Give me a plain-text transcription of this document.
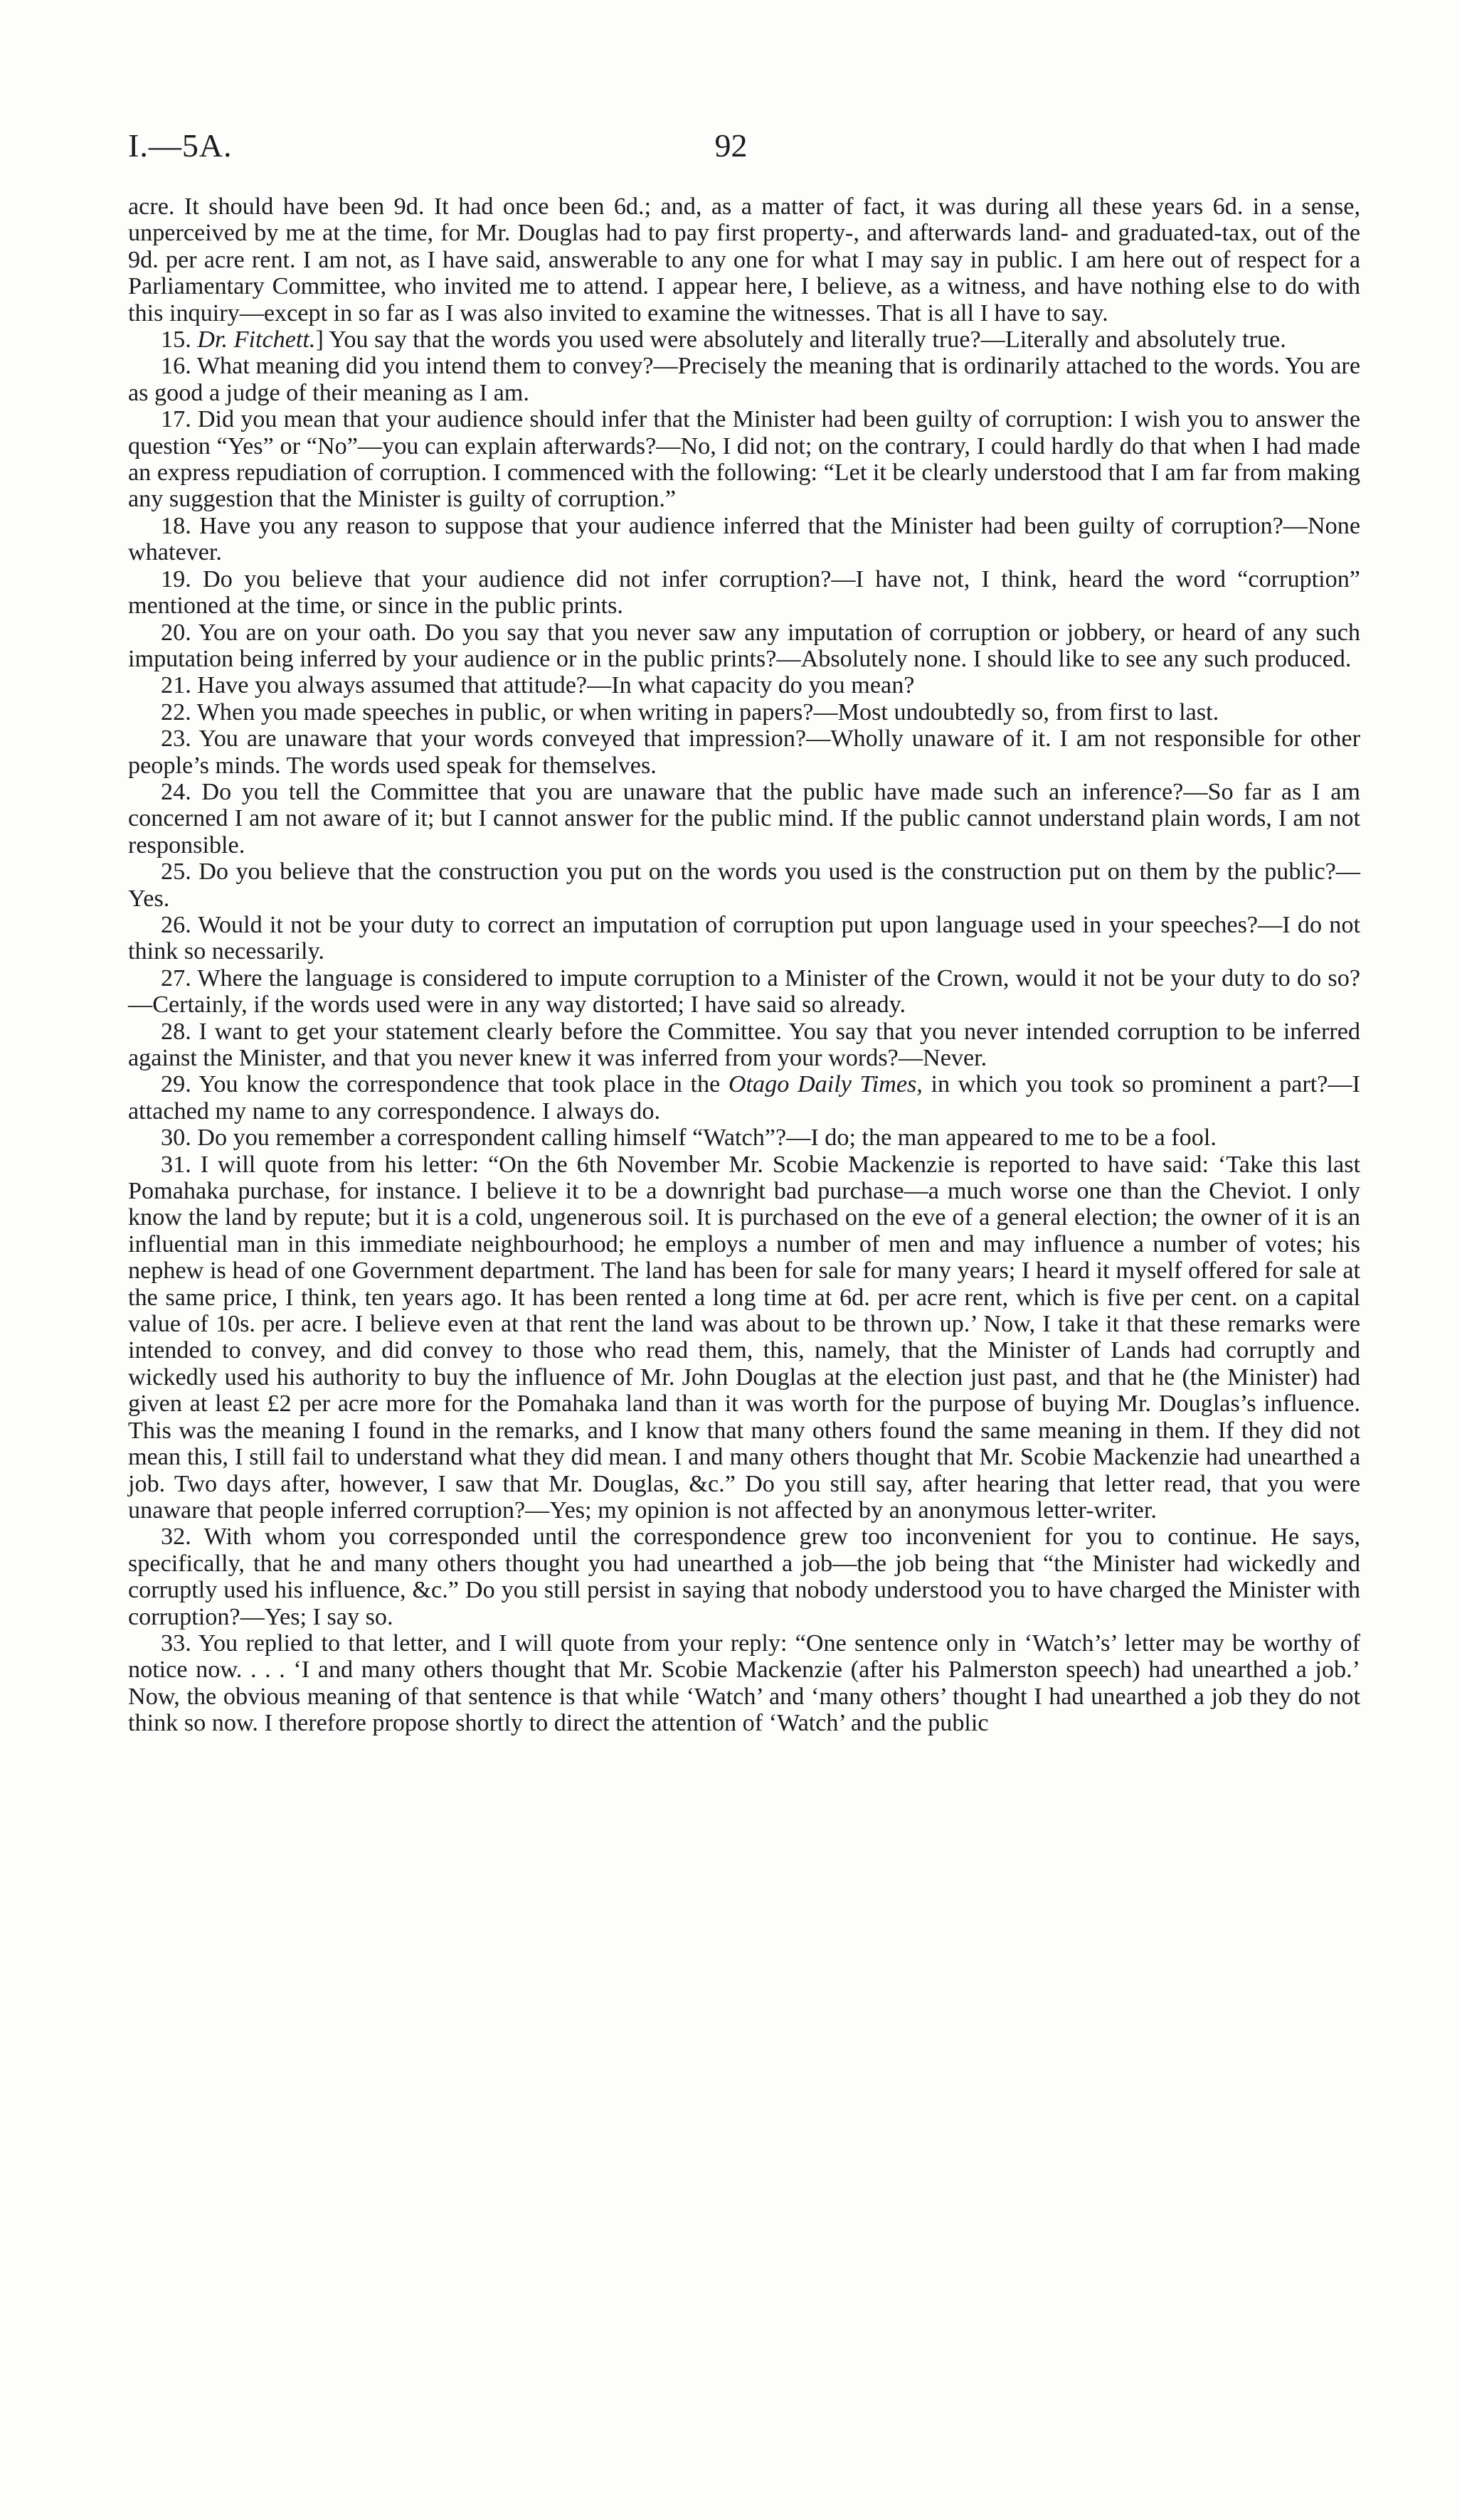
I.—5A.	92

acre. It should have been 9d. It had once been 6d.; and, as a matter of fact, it was during all these years 6d. in a sense, unperceived by me at the time, for Mr. Douglas had to pay first property-, and afterwards land- and graduated-tax, out of the 9d. per acre rent. I am not, as I have said, answerable to any one for what I may say in public. I am here out of respect for a Parliamentary Committee, who invited me to attend. I appear here, I believe, as a witness, and have nothing else to do with this inquiry—except in so far as I was also invited to examine the witnesses. That is all I have to say.

15. Dr. Fitchett.] You say that the words you used were absolutely and literally true?—Literally and absolutely true.

16. What meaning did you intend them to convey?—Precisely the meaning that is ordinarily attached to the words. You are as good a judge of their meaning as I am.

17. Did you mean that your audience should infer that the Minister had been guilty of corruption: I wish you to answer the question “Yes” or “No”—you can explain afterwards?—No, I did not; on the contrary, I could hardly do that when I had made an express repudiation of corruption. I commenced with the following: “Let it be clearly understood that I am far from making any suggestion that the Minister is guilty of corruption.”

18. Have you any reason to suppose that your audience inferred that the Minister had been guilty of corruption?—None whatever.

19. Do you believe that your audience did not infer corruption?—I have not, I think, heard the word “corruption” mentioned at the time, or since in the public prints.

20. You are on your oath. Do you say that you never saw any imputation of corruption or jobbery, or heard of any such imputation being inferred by your audience or in the public prints?—Absolutely none. I should like to see any such produced.

21. Have you always assumed that attitude?—In what capacity do you mean?

22. When you made speeches in public, or when writing in papers?—Most undoubtedly so, from first to last.

23. You are unaware that your words conveyed that impression?—Wholly unaware of it. I am not responsible for other people’s minds. The words used speak for themselves.

24. Do you tell the Committee that you are unaware that the public have made such an inference?—So far as I am concerned I am not aware of it; but I cannot answer for the public mind. If the public cannot understand plain words, I am not responsible.

25. Do you believe that the construction you put on the words you used is the construction put on them by the public?—Yes.

26. Would it not be your duty to correct an imputation of corruption put upon language used in your speeches?—I do not think so necessarily.

27. Where the language is considered to impute corruption to a Minister of the Crown, would it not be your duty to do so?—Certainly, if the words used were in any way distorted; I have said so already.

28. I want to get your statement clearly before the Committee. You say that you never intended corruption to be inferred against the Minister, and that you never knew it was inferred from your words?—Never.

29. You know the correspondence that took place in the Otago Daily Times, in which you took so prominent a part?—I attached my name to any correspondence. I always do.

30. Do you remember a correspondent calling himself “Watch”?—I do; the man appeared to me to be a fool.

31. I will quote from his letter: “On the 6th November Mr. Scobie Mackenzie is reported to have said: ‘Take this last Pomahaka purchase, for instance. I believe it to be a downright bad purchase—a much worse one than the Cheviot. I only know the land by repute; but it is a cold, ungenerous soil. It is purchased on the eve of a general election; the owner of it is an influential man in this immediate neighbourhood; he employs a number of men and may influence a number of votes; his nephew is head of one Government department. The land has been for sale for many years; I heard it myself offered for sale at the same price, I think, ten years ago. It has been rented a long time at 6d. per acre rent, which is five per cent. on a capital value of 10s. per acre. I believe even at that rent the land was about to be thrown up.’ Now, I take it that these remarks were intended to convey, and did convey to those who read them, this, namely, that the Minister of Lands had corruptly and wickedly used his authority to buy the influence of Mr. John Douglas at the election just past, and that he (the Minister) had given at least £2 per acre more for the Pomahaka land than it was worth for the purpose of buying Mr. Douglas’s influence. This was the meaning I found in the remarks, and I know that many others found the same meaning in them. If they did not mean this, I still fail to understand what they did mean. I and many others thought that Mr. Scobie Mackenzie had unearthed a job. Two days after, however, I saw that Mr. Douglas, &c.” Do you still say, after hearing that letter read, that you were unaware that people inferred corruption?—Yes; my opinion is not affected by an anonymous letter-writer.

32. With whom you corresponded until the correspondence grew too inconvenient for you to continue. He says, specifically, that he and many others thought you had unearthed a job—the job being that “the Minister had wickedly and corruptly used his influence, &c.” Do you still persist in saying that nobody understood you to have charged the Minister with corruption?—Yes; I say so.

33. You replied to that letter, and I will quote from your reply: “One sentence only in ‘Watch’s’ letter may be worthy of notice now. . . . ‘I and many others thought that Mr. Scobie Mackenzie (after his Palmerston speech) had unearthed a job.’ Now, the obvious meaning of that sentence is that while ‘Watch’ and ‘many others’ thought I had unearthed a job they do not think so now. I therefore propose shortly to direct the attention of ‘Watch’ and the public
